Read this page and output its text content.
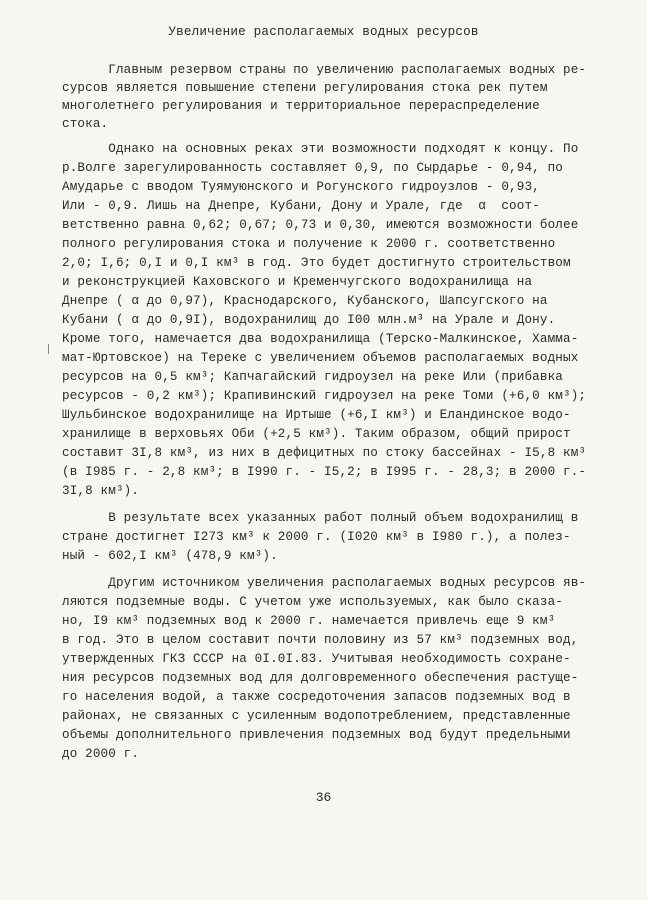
Увеличение располагаемых водных ресурсов
Главным резервом страны по увеличению располагаемых водных ре-
сурсов является повышение степени регулирования стока рек путем
многолетнего регулирования и территориальное перераспределение
стока.
Однако на основных реках эти возможности подходят к концу. По
р.Волге зарегулированность составляет 0,9, по Сырдарье - 0,94, по
Амударье с вводом Туямуюнского и Рогунского гидроузлов - 0,93,
Или - 0,9. Лишь на Днепре, Кубани, Дону и Урале, где  α  соот-
ветственно равна 0,62; 0,67; 0,73 и 0,30, имеются возможности более
полного регулирования стока и получение к 2000 г. соответственно
2,0; I,6; 0,I и 0,I км³ в год. Это будет достигнуто строительством
и реконструкцией Каховского и Кременчугского водохранилища на
Днепре ( α до 0,97), Краснодарского, Кубанского, Шапсугского на
Кубани ( α до 0,9I), водохранилищ до I00 млн.м³ на Урале и Дону.
Кроме того, намечается два водохранилища (Терско-Малкинское, Хамма-
мат-Юртовское) на Тереке с увеличением объемов располагаемых водных
ресурсов на 0,5 км³; Капчагайский гидроузел на реке Или (прибавка
ресурсов - 0,2 км³); Крапивинский гидроузел на реке Томи (+6,0 км³);
Шульбинское водохранилище на Иртыше (+6,I км³) и Еландинское водо-
хранилище в верховьях Оби (+2,5 км³). Таким образом, общий прирост
составит 3I,8 км³, из них в дефицитных по стоку бассейнах - I5,8 км³
(в I985 г. - 2,8 км³; в I990 г. - I5,2; в I995 г. - 28,3; в 2000 г.-
3I,8 км³).
В результате всех указанных работ полный объем водохранилищ в
стране достигнет I273 км³ к 2000 г. (I020 км³ в I980 г.), а полез-
ный - 602,I км³ (478,9 км³).
Другим источником увеличения располагаемых водных ресурсов яв-
ляются подземные воды. С учетом уже используемых, как было сказа-
но, I9 км³ подземных вод к 2000 г. намечается привлечь еще 9 км³
в год. Это в целом составит почти половину из 57 км³ подземных вод,
утвержденных ГКЗ СССР на 0I.0I.83. Учитывая необходимость сохране-
ния ресурсов подземных вод для долговременного обеспечения растуще-
го населения водой, а также сосредоточения запасов подземных вод в
районах, не связанных с усиленным водопотреблением, представленные
объемы дополнительного привлечения подземных вод будут предельными
до 2000 г.
36
